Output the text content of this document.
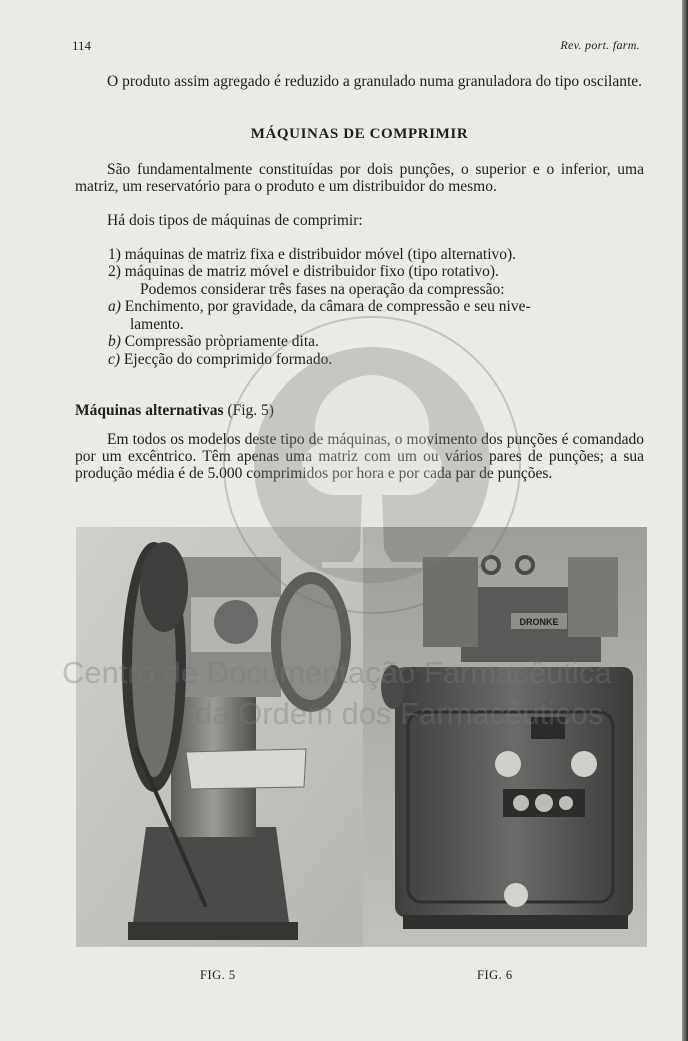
114	Rev. port. farm.

O produto assim agregado é reduzido a granulado numa granuladora do tipo oscilante.

MÁQUINAS DE COMPRIMIR

São fundamentalmente constituídas por dois punções, o superior e o inferior, uma matriz, um reservatório para o produto e um distribuidor do mesmo.

Há dois tipos de máquinas de comprimir:

1) máquinas de matriz fixa e distribuidor móvel (tipo alternativo).
2) máquinas de matriz móvel e distribuidor fixo (tipo rotativo).
Podemos considerar três fases na operação da compressão:
a) Enchimento, por gravidade, da câmara de compressão e seu nive-
lamento.
b) Compressão pròpriamente dita.
c) Ejecção do comprimido formado.
Máquinas alternativas (Fig. 5)

Em todos os modelos deste tipo de máquinas, o movimento dos punções é comandado por um excêntrico. Têm apenas uma matriz com um ou vários pares de punções; a sua produção média é de 5.000 comprimidos por hora e por cada par de punções.

DRONKE
FIG. 5	FIG. 6
Centro de Documentação Farmacêutica
da Ordem dos Farmacêuticos
